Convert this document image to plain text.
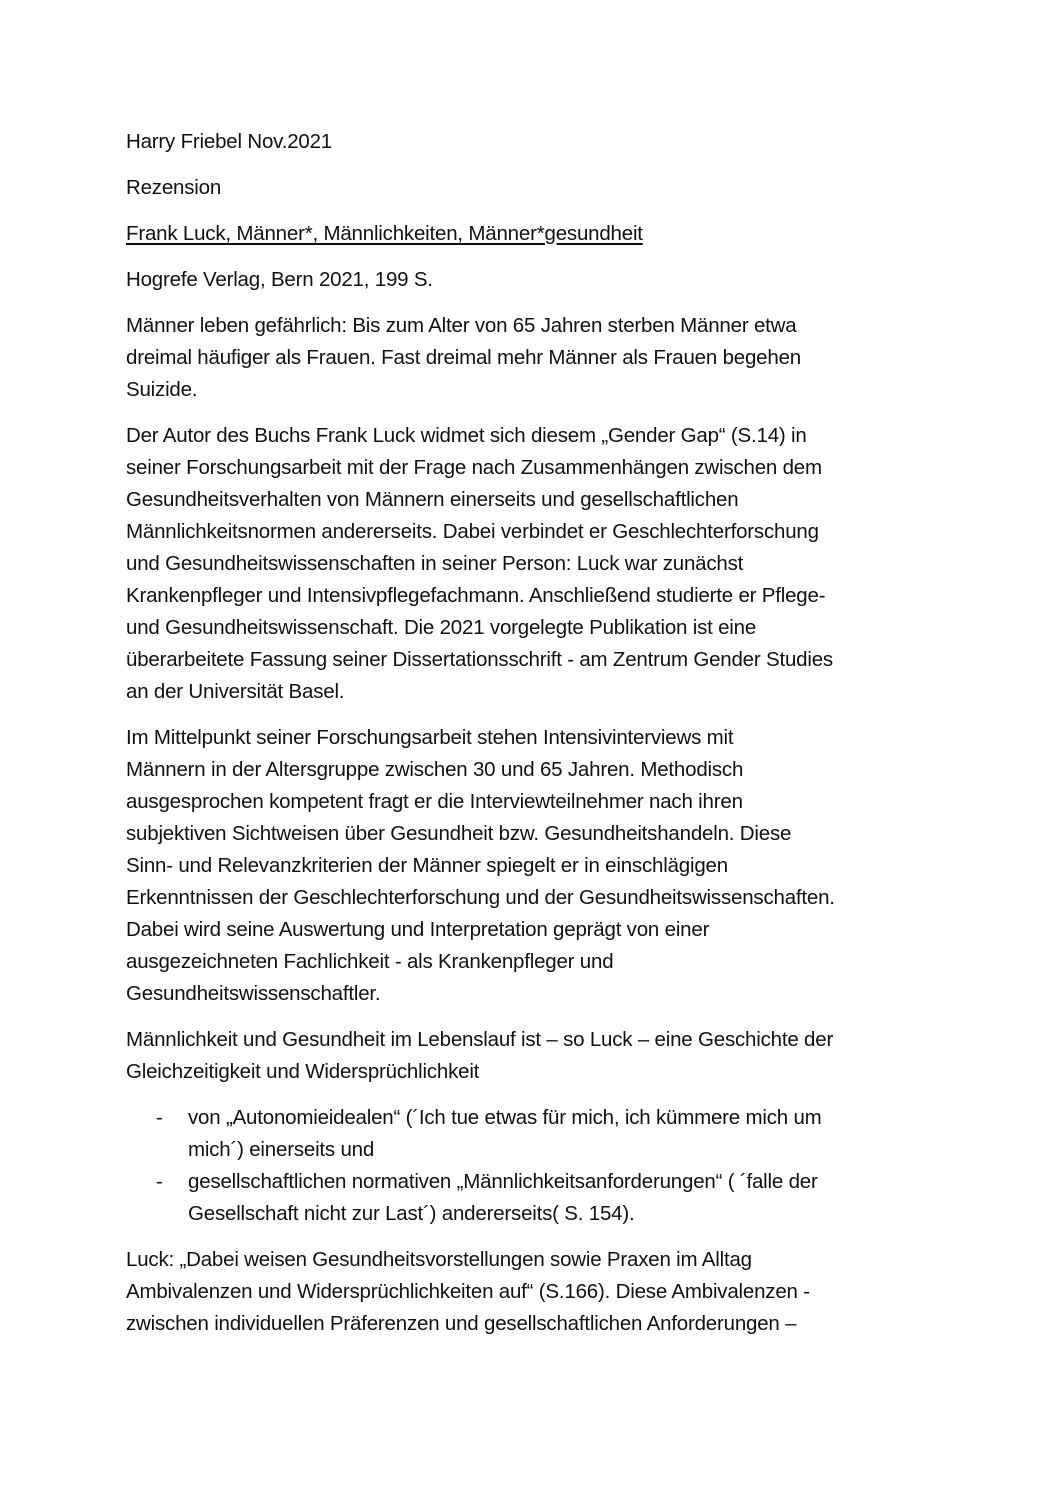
Harry Friebel Nov.2021
Rezension
Frank Luck, Männer*, Männlichkeiten, Männer*gesundheit
Hogrefe Verlag, Bern 2021, 199 S.

Männer leben gefährlich: Bis zum Alter von 65 Jahren sterben Männer etwa
dreimal häufiger als Frauen. Fast dreimal mehr Männer als Frauen begehen
Suizide.

Der Autor des Buchs Frank Luck widmet sich diesem „Gender Gap“ (S.14) in
seiner Forschungsarbeit mit der Frage nach Zusammenhängen zwischen dem
Gesundheitsverhalten von Männern einerseits und gesellschaftlichen
Männlichkeitsnormen andererseits. Dabei verbindet er Geschlechterforschung
und Gesundheitswissenschaften in seiner Person: Luck war zunächst
Krankenpfleger und Intensivpflegefachmann. Anschließend studierte er Pflege-
und Gesundheitswissenschaft. Die 2021 vorgelegte Publikation ist eine
überarbeitete Fassung seiner Dissertationsschrift - am Zentrum Gender Studies
an der Universität Basel.

Im Mittelpunkt seiner Forschungsarbeit stehen Intensivinterviews mit
Männern in der Altersgruppe zwischen 30 und 65 Jahren. Methodisch
ausgesprochen kompetent fragt er die Interviewteilnehmer nach ihren
subjektiven Sichtweisen über Gesundheit bzw. Gesundheitshandeln. Diese
Sinn- und Relevanzkriterien der Männer spiegelt er in einschlägigen
Erkenntnissen der Geschlechterforschung und der Gesundheitswissenschaften.
Dabei wird seine Auswertung und Interpretation geprägt von einer
ausgezeichneten Fachlichkeit - als Krankenpfleger und
Gesundheitswissenschaftler.

Männlichkeit und Gesundheit im Lebenslauf ist – so Luck – eine Geschichte der
Gleichzeitigkeit und Widersprüchlichkeit

- von „Autonomieidealen“ (´Ich tue etwas für mich, ich kümmere mich um
mich´) einerseits und
- gesellschaftlichen normativen „Männlichkeitsanforderungen“ ( ´falle der
Gesellschaft nicht zur Last´) andererseits( S. 154).

Luck: „Dabei weisen Gesundheitsvorstellungen sowie Praxen im Alltag
Ambivalenzen und Widersprüchlichkeiten auf“ (S.166). Diese Ambivalenzen -
zwischen individuellen Präferenzen und gesellschaftlichen Anforderungen –
